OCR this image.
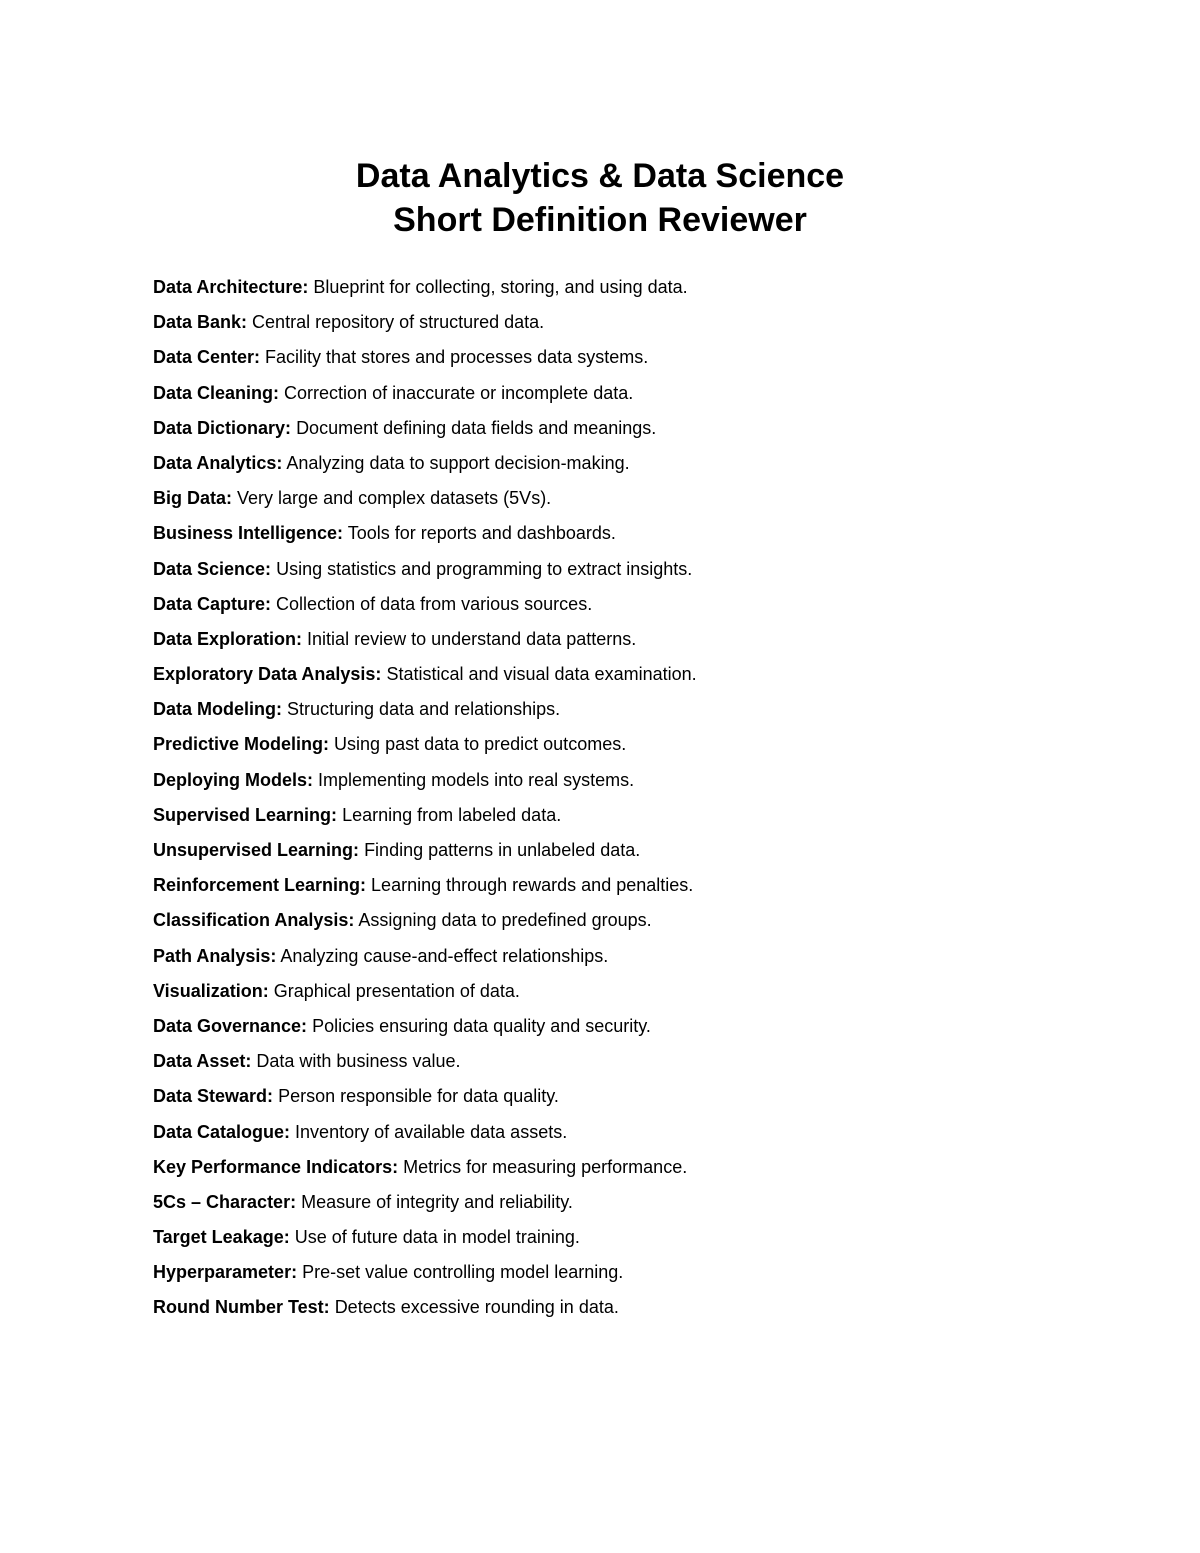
Data Analytics & Data Science
Short Definition Reviewer
Data Architecture: Blueprint for collecting, storing, and using data.
Data Bank: Central repository of structured data.
Data Center: Facility that stores and processes data systems.
Data Cleaning: Correction of inaccurate or incomplete data.
Data Dictionary: Document defining data fields and meanings.
Data Analytics: Analyzing data to support decision-making.
Big Data: Very large and complex datasets (5Vs).
Business Intelligence: Tools for reports and dashboards.
Data Science: Using statistics and programming to extract insights.
Data Capture: Collection of data from various sources.
Data Exploration: Initial review to understand data patterns.
Exploratory Data Analysis: Statistical and visual data examination.
Data Modeling: Structuring data and relationships.
Predictive Modeling: Using past data to predict outcomes.
Deploying Models: Implementing models into real systems.
Supervised Learning: Learning from labeled data.
Unsupervised Learning: Finding patterns in unlabeled data.
Reinforcement Learning: Learning through rewards and penalties.
Classification Analysis: Assigning data to predefined groups.
Path Analysis: Analyzing cause-and-effect relationships.
Visualization: Graphical presentation of data.
Data Governance: Policies ensuring data quality and security.
Data Asset: Data with business value.
Data Steward: Person responsible for data quality.
Data Catalogue: Inventory of available data assets.
Key Performance Indicators: Metrics for measuring performance.
5Cs – Character: Measure of integrity and reliability.
Target Leakage: Use of future data in model training.
Hyperparameter: Pre-set value controlling model learning.
Round Number Test: Detects excessive rounding in data.
